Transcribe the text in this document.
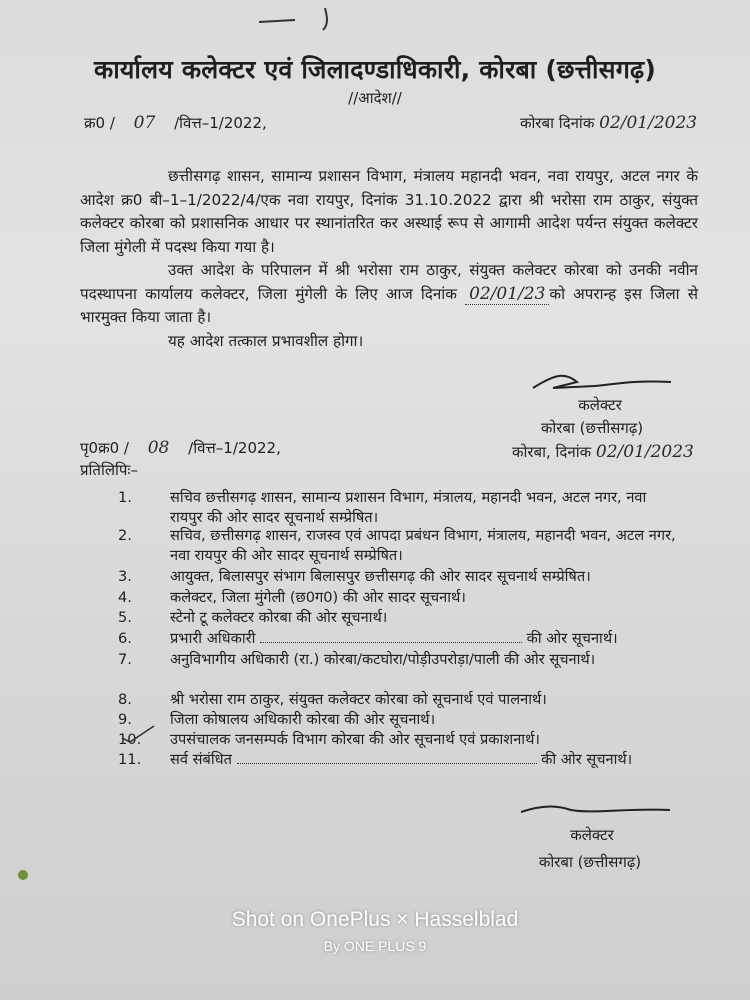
कार्यालय कलेक्टर एवं जिलादण्डाधिकारी, कोरबा (छत्तीसगढ़)
//आदेश//
क्र0 / 07 /वित्त–1/2022,	कोरबा दिनांक 02/01/2023

छत्तीसगढ़ शासन, सामान्य प्रशासन विभाग, मंत्रालय महानदी भवन, नवा रायपुर, अटल नगर के आदेश क्र0 बी–1–1/2022/4/एक नवा रायपुर, दिनांक 31.10.2022 द्वारा श्री भरोसा राम ठाकुर, संयुक्त कलेक्टर कोरबा को प्रशासनिक आधार पर स्थानांतरित कर अस्थाई रूप से आगामी आदेश पर्यन्त संयुक्त कलेक्टर जिला मुंगेली में पदस्थ किया गया है।

उक्त आदेश के परिपालन में श्री भरोसा राम ठाकुर, संयुक्त कलेक्टर कोरबा को उनकी नवीन पदस्थापना कार्यालय कलेक्टर, जिला मुंगेली के लिए आज दिनांक 02/01/23 को अपरान्ह इस जिला से भारमुक्त किया जाता है।

यह आदेश तत्काल प्रभावशील होगा।

कलेक्टर
कोरबा (छत्तीसगढ़)
पृ0क्र0 / 08 /वित्त–1/2022,	कोरबा, दिनांक 02/01/2023
प्रतिलिपिः–
1.	सचिव छत्तीसगढ़ शासन, सामान्य प्रशासन विभाग, मंत्रालय, महानदी भवन, अटल नगर, नवा रायपुर की ओर सादर सूचनार्थ सम्प्रेषित।
2.	सचिव, छत्तीसगढ़ शासन, राजस्व एवं आपदा प्रबंधन विभाग, मंत्रालय, महानदी भवन, अटल नगर, नवा रायपुर की ओर सादर सूचनार्थ सम्प्रेषित।
3.	आयुक्त, बिलासपुर संभाग बिलासपुर छत्तीसगढ़ की ओर सादर सूचनार्थ सम्प्रेषित।
4.	कलेक्टर, जिला मुंगेली (छ0ग0) की ओर सादर सूचनार्थ।
5.	स्टेनो टू कलेक्टर कोरबा की ओर सूचनार्थ।
6.	प्रभारी अधिकारी	की ओर सूचनार्थ।
7.	अनुविभागीय अधिकारी (रा.) कोरबा/कटघोरा/पोड़ीउपरोड़ा/पाली की ओर सूचनार्थ।
8.	श्री भरोसा राम ठाकुर, संयुक्त कलेक्टर कोरबा को सूचनार्थ एवं पालनार्थ।
9.	जिला कोषालय अधिकारी कोरबा की ओर सूचनार्थ।
10.	उपसंचालक जनसम्पर्क विभाग कोरबा की ओर सूचनार्थ एवं प्रकाशनार्थ।
11.	सर्व संबंधित	की ओर सूचनार्थ।
कलेक्टर
कोरबा (छत्तीसगढ़)
Shot on OnePlus × Hasselblad
By ONE PLUS 9
